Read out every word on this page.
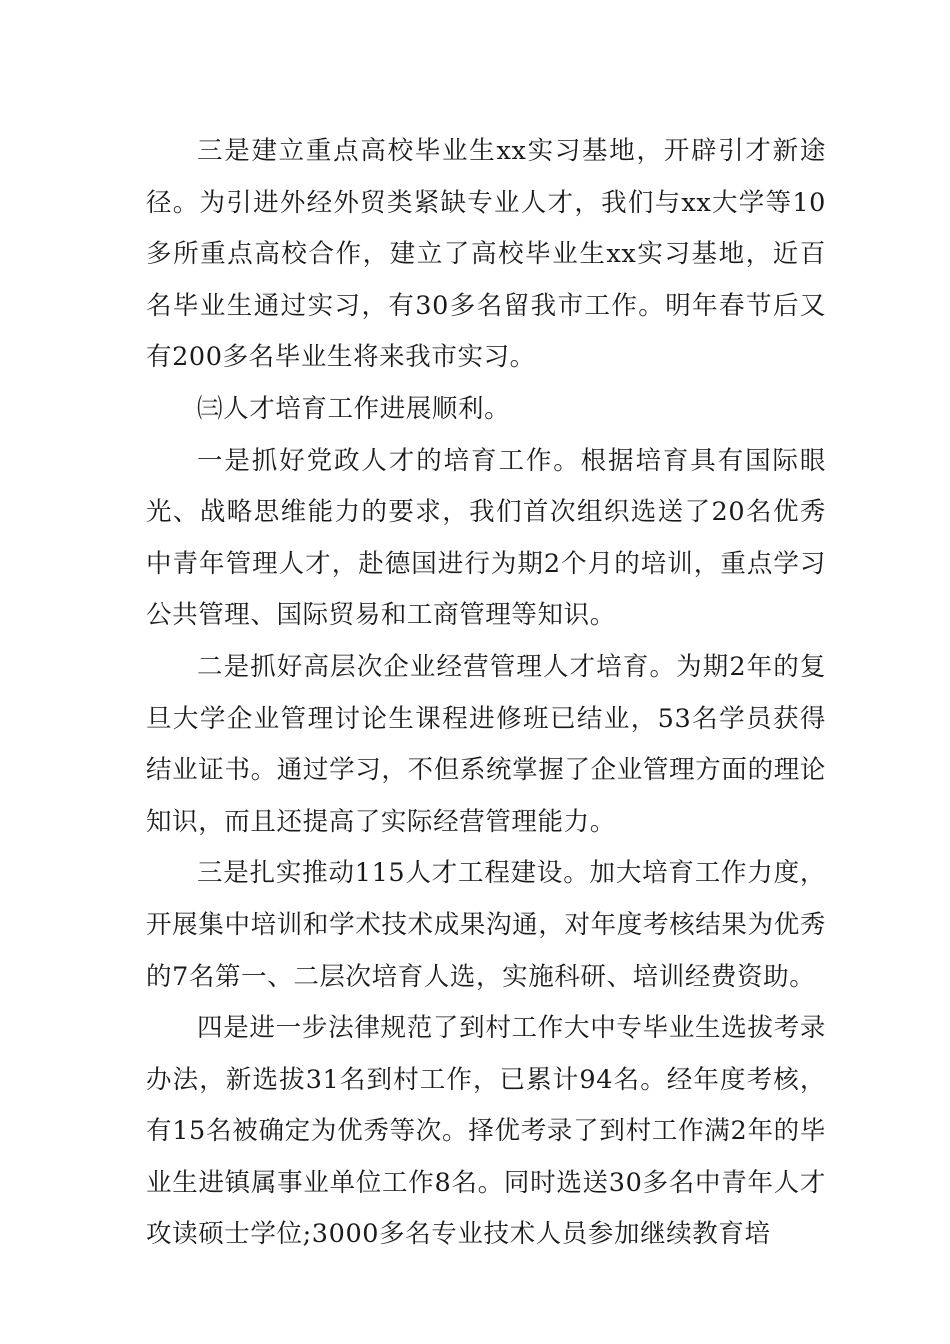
三是建立重点高校毕业生xx实习基地，开辟引才新途径。为引进外经外贸类紧缺专业人才，我们与xx大学等10多所重点高校合作，建立了高校毕业生xx实习基地，近百名毕业生通过实习，有30多名留我市工作。明年春节后又有200多名毕业生将来我市实习。

㈢人才培育工作进展顺利。

一是抓好党政人才的培育工作。根据培育具有国际眼光、战略思维能力的要求，我们首次组织选送了20名优秀中青年管理人才，赴德国进行为期2个月的培训，重点学习公共管理、国际贸易和工商管理等知识。

二是抓好高层次企业经营管理人才培育。为期2年的复旦大学企业管理讨论生课程进修班已结业，53名学员获得结业证书。通过学习，不但系统掌握了企业管理方面的理论知识，而且还提高了实际经营管理能力。

三是扎实推动115人才工程建设。加大培育工作力度，开展集中培训和学术技术成果沟通，对年度考核结果为优秀的7名第一、二层次培育人选，实施科研、培训经费资助。

四是进一步法律规范了到村工作大中专毕业生选拔考录办法，新选拔31名到村工作，已累计94名。经年度考核，有15名被确定为优秀等次。择优考录了到村工作满2年的毕业生进镇属事业单位工作8名。同时选送30多名中青年人才攻读硕士学位;3000多名专业技术人员参加继续教育培
